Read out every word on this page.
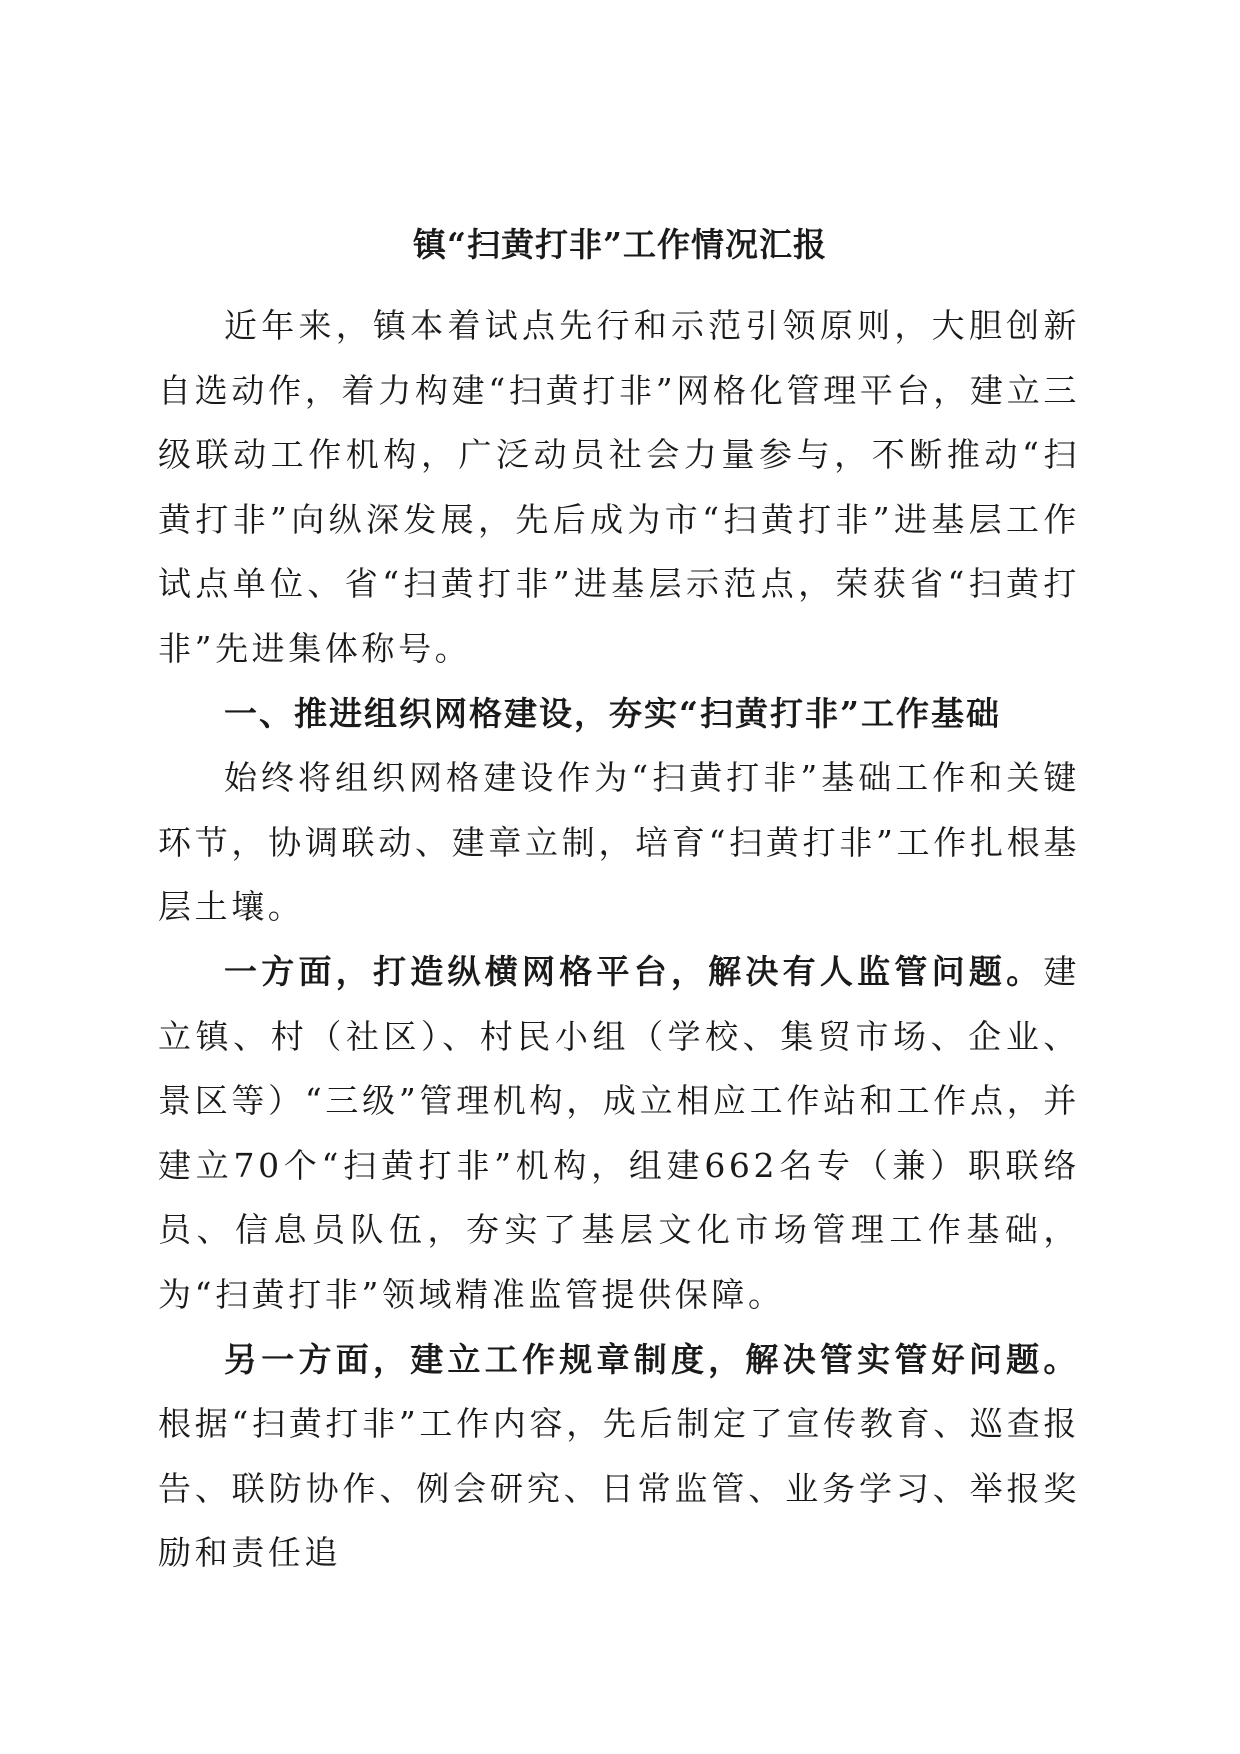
镇“扫黄打非”工作情况汇报

近年来，镇本着试点先行和示范引领原则，大胆创新自选动作，着力构建“扫黄打非”网格化管理平台，建立三级联动工作机构，广泛动员社会力量参与，不断推动“扫黄打非”向纵深发展，先后成为市“扫黄打非”进基层工作试点单位、省“扫黄打非”进基层示范点，荣获省“扫黄打非”先进集体称号。

一、推进组织网格建设，夯实“扫黄打非”工作基础

始终将组织网格建设作为“扫黄打非”基础工作和关键环节，协调联动、建章立制，培育“扫黄打非”工作扎根基层土壤。

一方面，打造纵横网格平台，解决有人监管问题。建立镇、村（社区）、村民小组（学校、集贸市场、企业、景区等）“三级”管理机构，成立相应工作站和工作点，并建立70个“扫黄打非”机构，组建662名专（兼）职联络员、信息员队伍，夯实了基层文化市场管理工作基础，为“扫黄打非”领域精准监管提供保障。

另一方面，建立工作规章制度，解决管实管好问题。根据“扫黄打非”工作内容，先后制定了宣传教育、巡查报告、联防协作、例会研究、日常监管、业务学习、举报奖励和责任追
